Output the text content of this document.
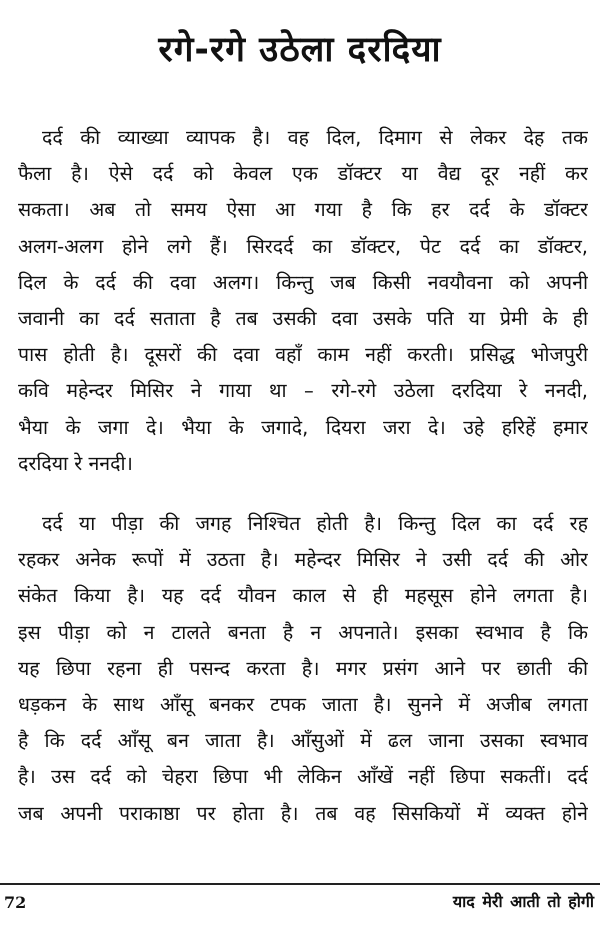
रगे-रगे उठेला दरदिया
दर्द की व्याख्या व्यापक है। वह दिल, दिमाग से लेकर देह तक
फैला है। ऐसे दर्द को केवल एक डॉक्टर या वैद्य दूर नहीं कर
सकता। अब तो समय ऐसा आ गया है कि हर दर्द के डॉक्टर
अलग-अलग होने लगे हैं। सिरदर्द का डॉक्टर, पेट दर्द का डॉक्टर,
दिल के दर्द की दवा अलग। किन्तु जब किसी नवयौवना को अपनी
जवानी का दर्द सताता है तब उसकी दवा उसके पति या प्रेमी के ही
पास होती है। दूसरों की दवा वहाँ काम नहीं करती। प्रसिद्ध भोजपुरी
कवि महेन्दर मिसिर ने गाया था – रगे-रगे उठेला दरदिया रे ननदी,
भैया के जगा दे। भैया के जगादे, दियरा जरा दे। उहे हरिहें हमार
दरदिया रे ननदी।
दर्द या पीड़ा की जगह निश्चित होती है। किन्तु दिल का दर्द रह
रहकर अनेक रूपों में उठता है। महेन्दर मिसिर ने उसी दर्द की ओर
संकेत किया है। यह दर्द यौवन काल से ही महसूस होने लगता है।
इस पीड़ा को न टालते बनता है न अपनाते। इसका स्वभाव है कि
यह छिपा रहना ही पसन्द करता है। मगर प्रसंग आने पर छाती की
धड़कन के साथ आँसू बनकर टपक जाता है। सुनने में अजीब लगता
है कि दर्द आँसू बन जाता है। आँसुओं में ढल जाना उसका स्वभाव
है। उस दर्द को चेहरा छिपा भी लेकिन आँखें नहीं छिपा सकतीं। दर्द
जब अपनी पराकाष्ठा पर होता है। तब वह सिसकियों में व्यक्त होने
72	याद मेरी आती तो होगी
